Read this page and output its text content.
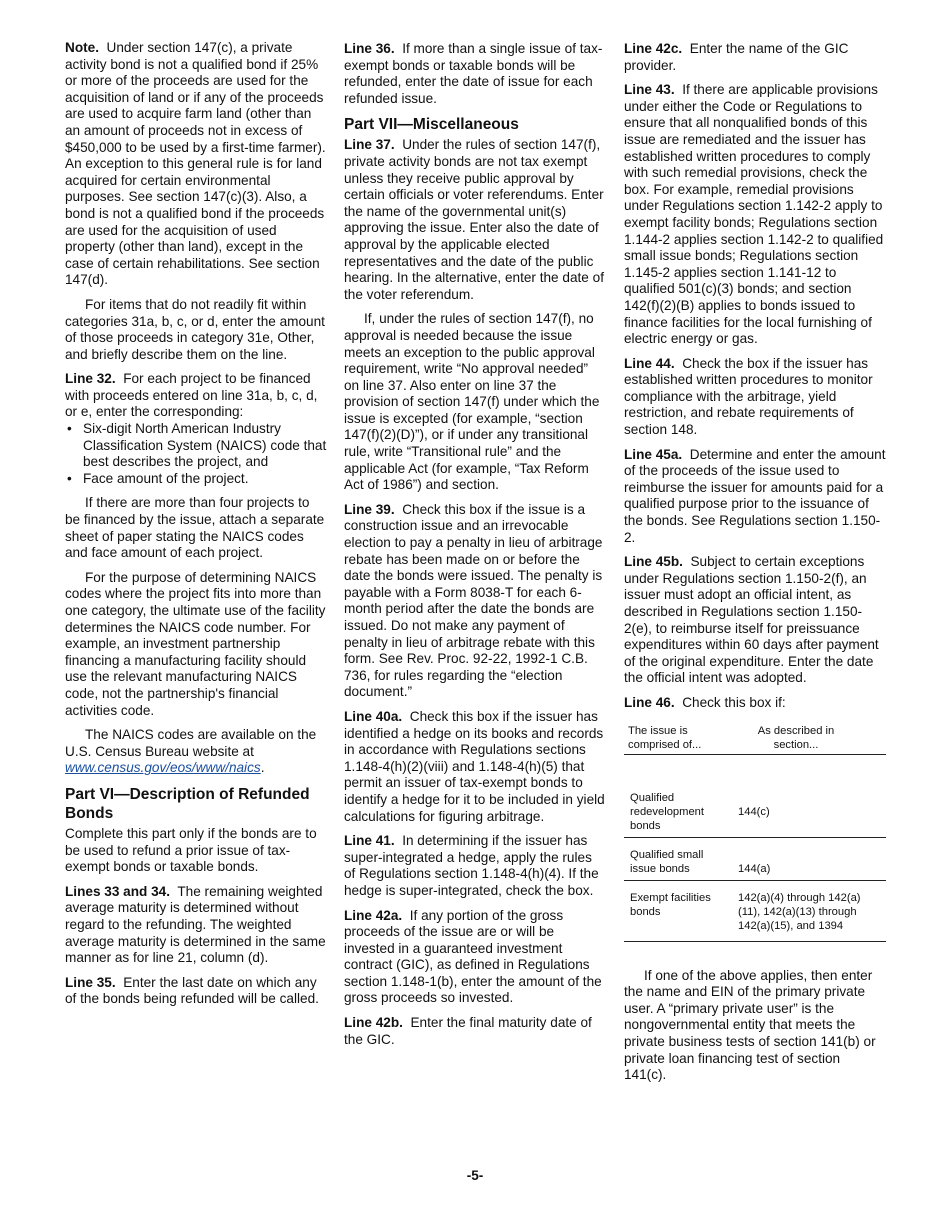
Note. Under section 147(c), a private activity bond is not a qualified bond if 25% or more of the proceeds are used for the acquisition of land or if any of the proceeds are used to acquire farm land (other than an amount of proceeds not in excess of $450,000 to be used by a first-time farmer). An exception to this general rule is for land acquired for certain environmental purposes. See section 147(c)(3). Also, a bond is not a qualified bond if the proceeds are used for the acquisition of used property (other than land), except in the case of certain rehabilitations. See section 147(d).

For items that do not readily fit within categories 31a, b, c, or d, enter the amount of those proceeds in category 31e, Other, and briefly describe them on the line.

Line 32. For each project to be financed with proceeds entered on line 31a, b, c, d, or e, enter the corresponding:

• Six-digit North American Industry Classification System (NAICS) code that best describes the project, and
• Face amount of the project.

If there are more than four projects to be financed by the issue, attach a separate sheet of paper stating the NAICS codes and face amount of each project.

For the purpose of determining NAICS codes where the project fits into more than one category, the ultimate use of the facility determines the NAICS code number. For example, an investment partnership financing a manufacturing facility should use the relevant manufacturing NAICS code, not the partnership's financial activities code.

The NAICS codes are available on the U.S. Census Bureau website at www.census.gov/eos/www/naics.

Part VI—Description of Refunded Bonds

Complete this part only if the bonds are to be used to refund a prior issue of tax-exempt bonds or taxable bonds.

Lines 33 and 34. The remaining weighted average maturity is determined without regard to the refunding. The weighted average maturity is determined in the same manner as for line 21, column (d).

Line 35. Enter the last date on which any of the bonds being refunded will be called.

Line 36. If more than a single issue of tax-exempt bonds or taxable bonds will be refunded, enter the date of issue for each refunded issue.

Part VII—Miscellaneous

Line 37. Under the rules of section 147(f), private activity bonds are not tax exempt unless they receive public approval by certain officials or voter referendums. Enter the name of the governmental unit(s) approving the issue. Enter also the date of approval by the applicable elected representatives and the date of the public hearing. In the alternative, enter the date of the voter referendum.

If, under the rules of section 147(f), no approval is needed because the issue meets an exception to the public approval requirement, write “No approval needed” on line 37. Also enter on line 37 the provision of section 147(f) under which the issue is excepted (for example, “section 147(f)(2)(D)”), or if under any transitional rule, write “Transitional rule” and the applicable Act (for example, “Tax Reform Act of 1986”) and section.

Line 39. Check this box if the issue is a construction issue and an irrevocable election to pay a penalty in lieu of arbitrage rebate has been made on or before the date the bonds were issued. The penalty is payable with a Form 8038-T for each 6-month period after the date the bonds are issued. Do not make any payment of penalty in lieu of arbitrage rebate with this form. See Rev. Proc. 92-22, 1992-1 C.B. 736, for rules regarding the “election document.”

Line 40a. Check this box if the issuer has identified a hedge on its books and records in accordance with Regulations sections 1.148-4(h)(2)(viii) and 1.148-4(h)(5) that permit an issuer of tax-exempt bonds to identify a hedge for it to be included in yield calculations for figuring arbitrage.

Line 41. In determining if the issuer has super-integrated a hedge, apply the rules of Regulations section 1.148-4(h)(4). If the hedge is super-integrated, check the box.

Line 42a. If any portion of the gross proceeds of the issue are or will be invested in a guaranteed investment contract (GIC), as defined in Regulations section 1.148-1(b), enter the amount of the gross proceeds so invested.

Line 42b. Enter the final maturity date of the GIC.

Line 42c. Enter the name of the GIC provider.

Line 43. If there are applicable provisions under either the Code or Regulations to ensure that all nonqualified bonds of this issue are remediated and the issuer has established written procedures to comply with such remedial provisions, check the box. For example, remedial provisions under Regulations section 1.142-2 apply to exempt facility bonds; Regulations section 1.144-2 applies section 1.142-2 to qualified small issue bonds; Regulations section 1.145-2 applies section 1.141-12 to qualified 501(c)(3) bonds; and section 142(f)(2)(B) applies to bonds issued to finance facilities for the local furnishing of electric energy or gas.

Line 44. Check the box if the issuer has established written procedures to monitor compliance with the arbitrage, yield restriction, and rebate requirements of section 148.

Line 45a. Determine and enter the amount of the proceeds of the issue used to reimburse the issuer for amounts paid for a qualified purpose prior to the issuance of the bonds. See Regulations section 1.150-2.

Line 45b. Subject to certain exceptions under Regulations section 1.150-2(f), an issuer must adopt an official intent, as described in Regulations section 1.150-2(e), to reimburse itself for preissuance expenditures within 60 days after payment of the original expenditure. Enter the date the official intent was adopted.

Line 46. Check this box if:

The issue is comprised of...	As described in section...
Qualified redevelopment bonds	144(c)
Qualified small issue bonds	144(a)
Exempt facilities bonds	142(a)(4) through 142(a)(11), 142(a)(13) through 142(a)(15), and 1394

If one of the above applies, then enter the name and EIN of the primary private user. A “primary private user” is the nongovernmental entity that meets the private business tests of section 141(b) or private loan financing test of section 141(c).

-5-
